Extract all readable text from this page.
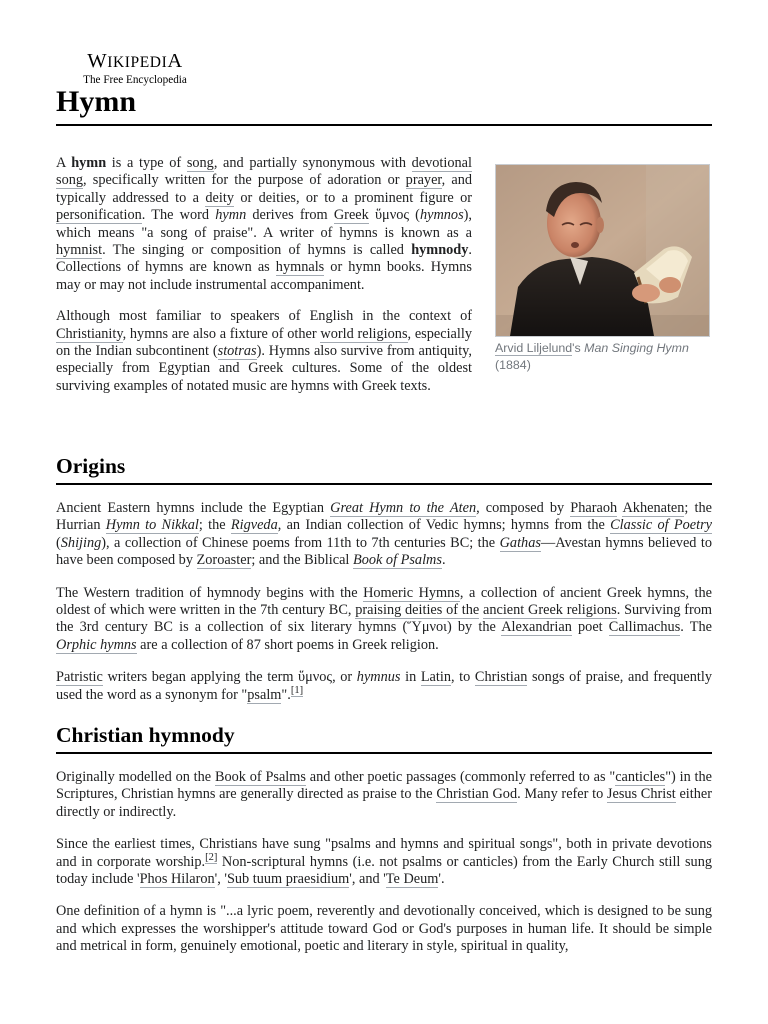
WIKIPEDIA
The Free Encyclopedia
Hymn

A hymn is a type of song, and partially synonymous with devotional song, specifically written for the purpose of adoration or prayer, and typically addressed to a deity or deities, or to a prominent figure or personification. The word hymn derives from Greek ὕμνος (hymnos), which means "a song of praise". A writer of hymns is known as a hymnist. The singing or composition of hymns is called hymnody. Collections of hymns are known as hymnals or hymn books. Hymns may or may not include instrumental accompaniment.

Although most familiar to speakers of English in the context of Christianity, hymns are also a fixture of other world religions, especially on the Indian subcontinent (stotras). Hymns also survive from antiquity, especially from Egyptian and Greek cultures. Some of the oldest surviving examples of notated music are hymns with Greek texts.

Arvid Liljelund's Man Singing Hymn (1884)
Origins

Ancient Eastern hymns include the Egyptian Great Hymn to the Aten, composed by Pharaoh Akhenaten; the Hurrian Hymn to Nikkal; the Rigveda, an Indian collection of Vedic hymns; hymns from the Classic of Poetry (Shijing), a collection of Chinese poems from 11th to 7th centuries BC; the Gathas—Avestan hymns believed to have been composed by Zoroaster; and the Biblical Book of Psalms.

The Western tradition of hymnody begins with the Homeric Hymns, a collection of ancient Greek hymns, the oldest of which were written in the 7th century BC, praising deities of the ancient Greek religions. Surviving from the 3rd century BC is a collection of six literary hymns (Ὕμνοι) by the Alexandrian poet Callimachus. The Orphic hymns are a collection of 87 short poems in Greek religion.

Patristic writers began applying the term ὕμνος, or hymnus in Latin, to Christian songs of praise, and frequently used the word as a synonym for "psalm".[1]

Christian hymnody

Originally modelled on the Book of Psalms and other poetic passages (commonly referred to as "canticles") in the Scriptures, Christian hymns are generally directed as praise to the Christian God. Many refer to Jesus Christ either directly or indirectly.

Since the earliest times, Christians have sung "psalms and hymns and spiritual songs", both in private devotions and in corporate worship.[2] Non-scriptural hymns (i.e. not psalms or canticles) from the Early Church still sung today include 'Phos Hilaron', 'Sub tuum praesidium', and 'Te Deum'.

One definition of a hymn is "...a lyric poem, reverently and devotionally conceived, which is designed to be sung and which expresses the worshipper's attitude toward God or God's purposes in human life. It should be simple and metrical in form, genuinely emotional, poetic and literary in style, spiritual in quality,
